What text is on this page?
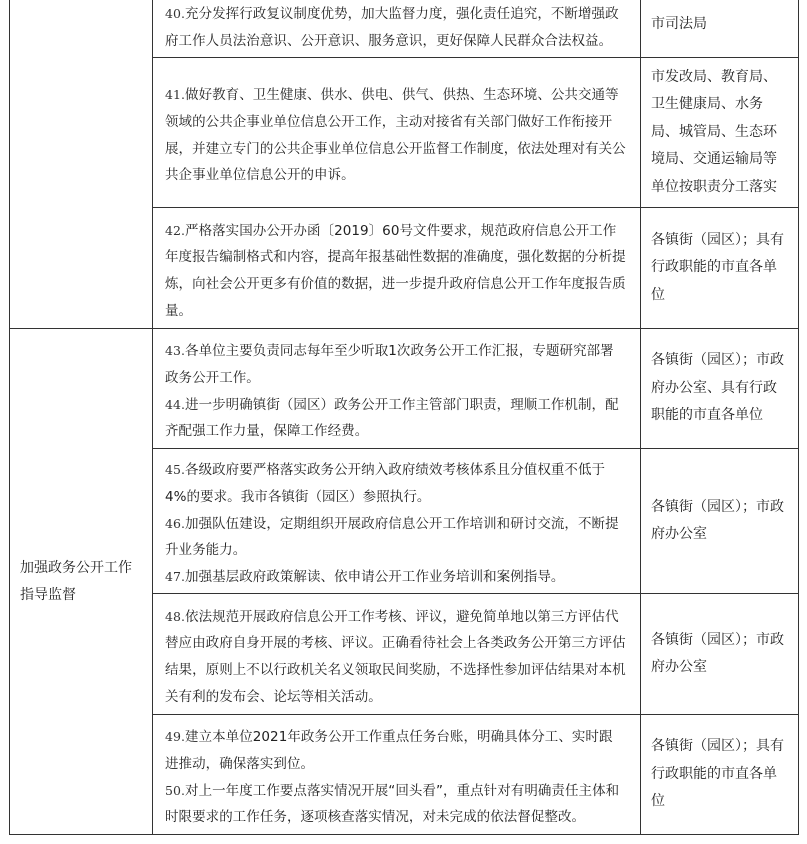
	40.充分发挥行政复议制度优势，加大监督力度，强化责任追究，不断增强政府工作人员法治意识、公开意识、服务意识，更好保障人民群众合法权益。	市司法局

	41.做好教育、卫生健康、供水、供电、供气、供热、生态环境、公共交通等领域的公共企事业单位信息公开工作，主动对接省有关部门做好工作衔接开展，并建立专门的公共企事业单位信息公开监督工作制度，依法处理对有关公共企事业单位信息公开的申诉。	市发改局、教育局、卫生健康局、水务局、城管局、生态环境局、交通运输局等单位按职责分工落实

	42.严格落实国办公开办函〔2019〕60号文件要求，规范政府信息公开工作年度报告编制格式和内容，提高年报基础性数据的准确度，强化数据的分析提炼，向社会公开更多有价值的数据，进一步提升政府信息公开工作年度报告质量。	各镇街（园区）；具有行政职能的市直各单位
加强政务公开工作指导监督	43.各单位主要负责同志每年至少听取1次政务公开工作汇报，专题研究部署政务公开工作。
44.进一步明确镇街（园区）政务公开工作主管部门职责，理顺工作机制，配齐配强工作力量，保障工作经费。	各镇街（园区）；市政府办公室、具有行政职能的市直各单位

	45.各级政府要严格落实政务公开纳入政府绩效考核体系且分值权重不低于4%的要求。我市各镇街（园区）参照执行。
46.加强队伍建设，定期组织开展政府信息公开工作培训和研讨交流，不断提升业务能力。
47.加强基层政府政策解读、依申请公开工作业务培训和案例指导。	各镇街（园区）；市政府办公室

	48.依法规范开展政府信息公开工作考核、评议，避免简单地以第三方评估代替应由政府自身开展的考核、评议。正确看待社会上各类政务公开第三方评估结果，原则上不以行政机关名义领取民间奖励，不选择性参加评估结果对本机关有利的发布会、论坛等相关活动。	各镇街（园区）；市政府办公室

	49.建立本单位2021年政务公开工作重点任务台账，明确具体分工、实时跟进推动，确保落实到位。
50.对上一年度工作要点落实情况开展“回头看”，重点针对有明确责任主体和时限要求的工作任务，逐项核查落实情况，对未完成的依法督促整改。	各镇街（园区）；具有行政职能的市直各单位
